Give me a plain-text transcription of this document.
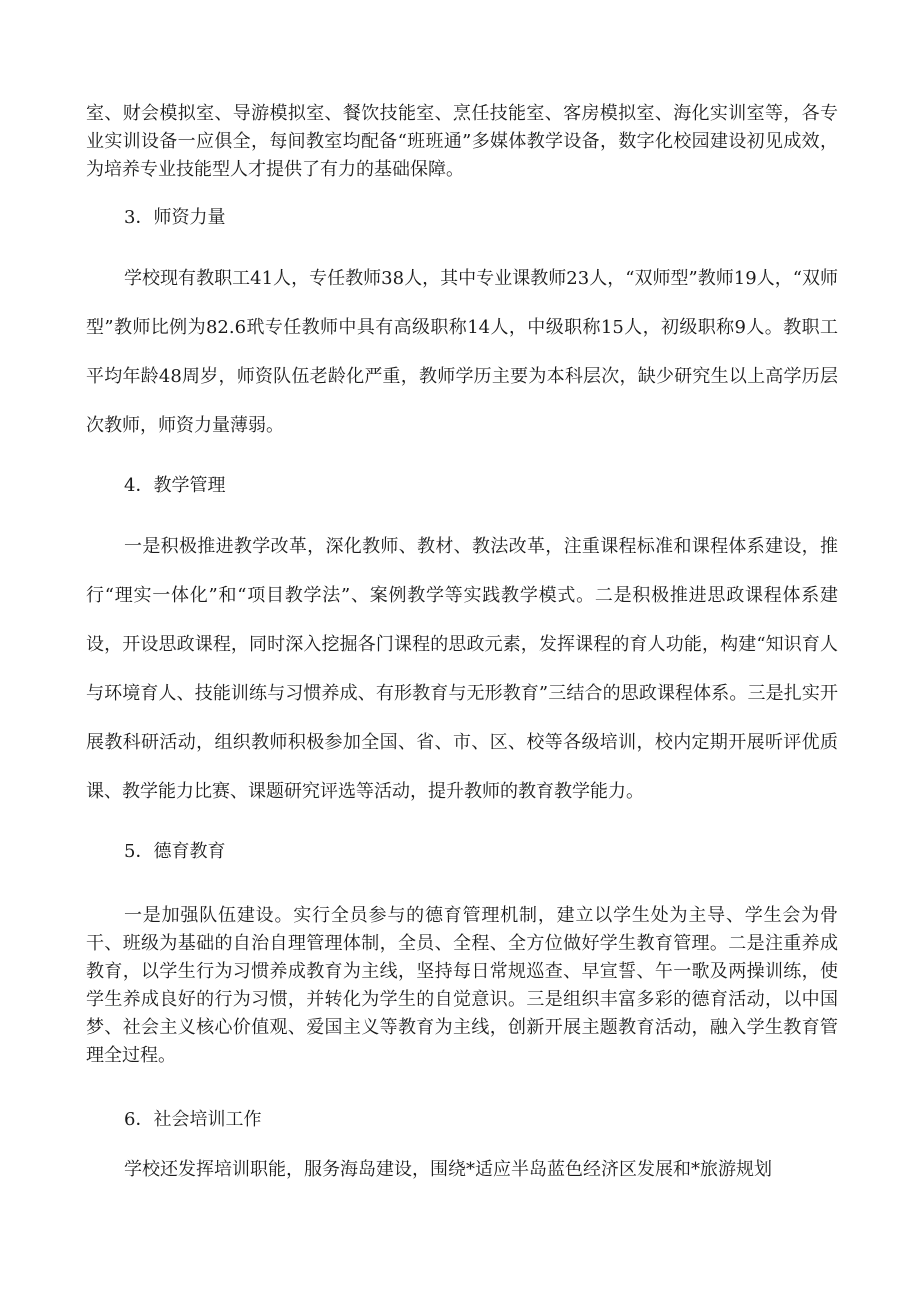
室、财会模拟室、导游模拟室、餐饮技能室、烹任技能室、客房模拟室、海化实训室等，各专业实训设备一应俱全，每间教室均配备“班班通”多媒体教学设备，数字化校园建设初见成效，为培养专业技能型人才提供了有力的基础保障。

3．师资力量

学校现有教职工41人，专任教师38人，其中专业课教师23人，“双师型”教师19人，“双师型”教师比例为82.6玳专任教师中具有高级职称14人，中级职称15人，初级职称9人。教职工平均年龄48周岁，师资队伍老龄化严重，教师学历主要为本科层次，缺少研究生以上高学历层次教师，师资力量薄弱。

4．教学管理

一是积极推进教学改革，深化教师、教材、教法改革，注重课程标准和课程体系建设，推行“理实一体化”和“项目教学法”、案例教学等实践教学模式。二是积极推进思政课程体系建设，开设思政课程，同时深入挖掘各门课程的思政元素，发挥课程的育人功能，构建“知识育人与环境育人、技能训练与习惯养成、有形教育与无形教育”三结合的思政课程体系。三是扎实开展教科研活动，组织教师积极参加全国、省、市、区、校等各级培训，校内定期开展听评优质课、教学能力比赛、课题研究评选等活动，提升教师的教育教学能力。

5．德育教育

一是加强队伍建设。实行全员参与的德育管理机制，建立以学生处为主导、学生会为骨干、班级为基础的自治自理管理体制，全员、全程、全方位做好学生教育管理。二是注重养成教育，以学生行为习惯养成教育为主线，坚持每日常规巡查、早宣誓、午一歌及两操训练，使学生养成良好的行为习惯，并转化为学生的自觉意识。三是组织丰富多彩的德育活动，以中国梦、社会主义核心价值观、爱国主义等教育为主线，创新开展主题教育活动，融入学生教育管理全过程。

6．社会培训工作

学校还发挥培训职能，服务海岛建设，围绕*适应半岛蓝色经济区发展和*旅游规划
